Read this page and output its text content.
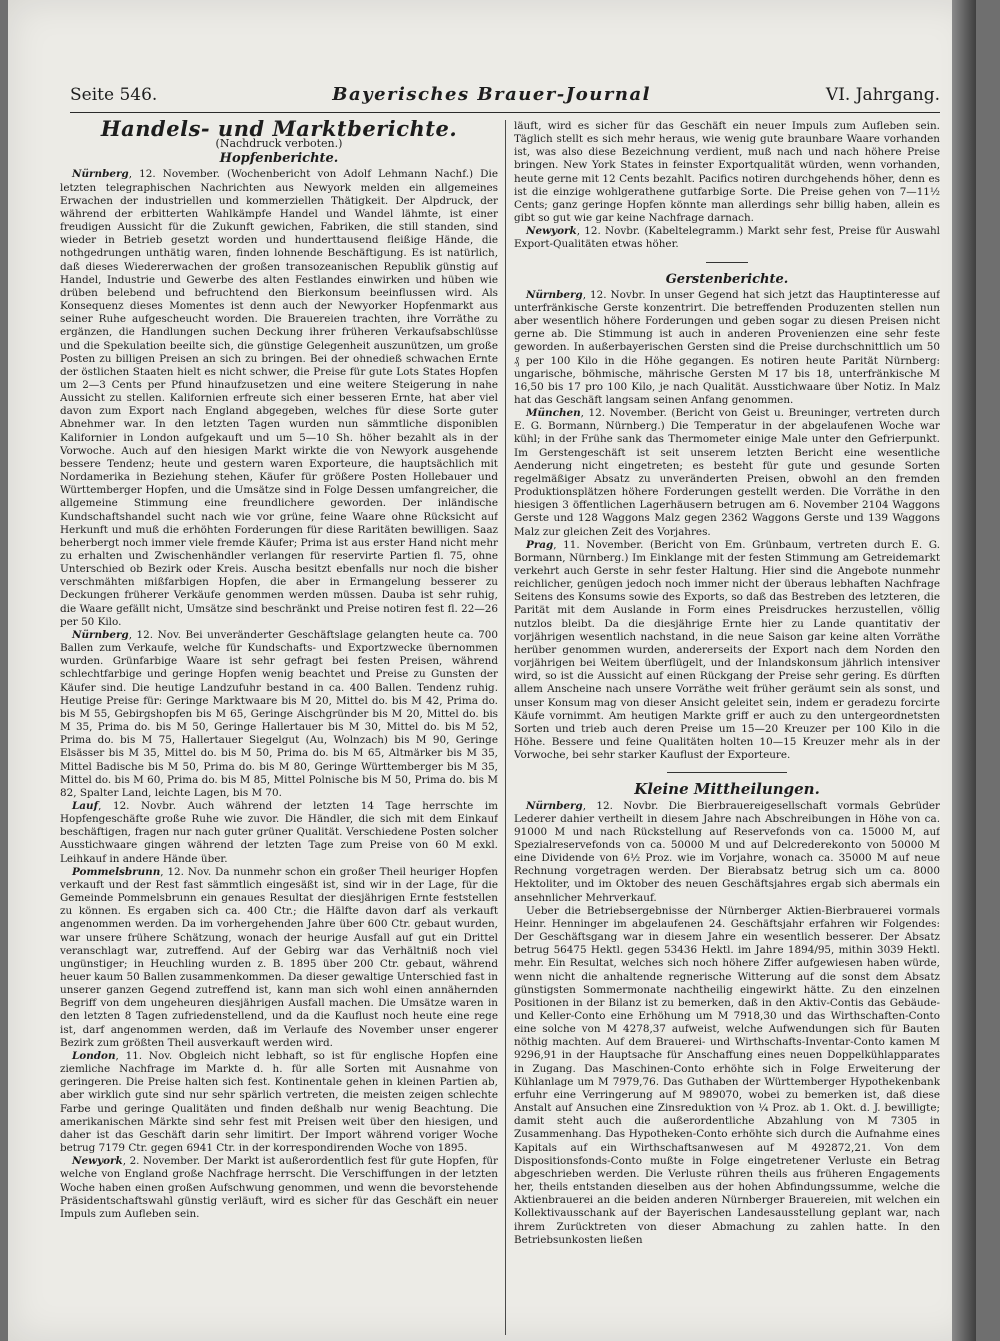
Seite 546.	Bayerisches Brauer-Journal	VI. Jahrgang.
Handels- und Marktberichte.
(Nachdruck verboten.)
Hopfenberichte.

Nürnberg, 12. November. (Wochenbericht von Adolf Lehmann Nachf.) Die letzten telegraphischen Nachrichten aus Newyork melden ein allgemeines Erwachen der industriellen und kommerziellen Thätigkeit. Der Alpdruck, der während der erbitterten Wahlkämpfe Handel und Wandel lähmte, ist einer freudigen Aussicht für die Zukunft gewichen, Fabriken, die still standen, sind wieder in Betrieb gesetzt worden und hunderttausend fleißige Hände, die nothgedrungen unthätig waren, finden lohnende Beschäftigung. Es ist natürlich, daß dieses Wiedererwachen der großen transozeanischen Republik günstig auf Handel, Industrie und Gewerbe des alten Festlandes einwirken und hüben wie drüben belebend und befruchtend den Bierkonsum beeinflussen wird. Als Konsequenz dieses Momentes ist denn auch der Newyorker Hopfenmarkt aus seiner Ruhe aufgescheucht worden. Die Brauereien trachten, ihre Vorräthe zu ergänzen, die Handlungen suchen Deckung ihrer früheren Verkaufsabschlüsse und die Spekulation beeilte sich, die günstige Gelegenheit auszunützen, um große Posten zu billigen Preisen an sich zu bringen. Bei der ohnedieß schwachen Ernte der östlichen Staaten hielt es nicht schwer, die Preise für gute Lots States Hopfen um 2—3 Cents per Pfund hinaufzusetzen und eine weitere Steigerung in nahe Aussicht zu stellen. Kalifornien erfreute sich einer besseren Ernte, hat aber viel davon zum Export nach England abgegeben, welches für diese Sorte guter Abnehmer war. In den letzten Tagen wurden nun sämmtliche disponiblen Kalifornier in London aufgekauft und um 5—10 Sh. höher bezahlt als in der Vorwoche. Auch auf den hiesigen Markt wirkte die von Newyork ausgehende bessere Tendenz; heute und gestern waren Exporteure, die hauptsächlich mit Nordamerika in Beziehung stehen, Käufer für größere Posten Hollebauer und Württemberger Hopfen, und die Umsätze sind in Folge Dessen umfangreicher, die allgemeine Stimmung eine freundlichere geworden. Der inländische Kundschaftshandel sucht nach wie vor grüne, feine Waare ohne Rücksicht auf Herkunft und muß die erhöhten Forderungen für diese Raritäten bewilligen. Saaz beherbergt noch immer viele fremde Käufer; Prima ist aus erster Hand nicht mehr zu erhalten und Zwischenhändler verlangen für reservirte Partien fl. 75, ohne Unterschied ob Bezirk oder Kreis. Auscha besitzt ebenfalls nur noch die bisher verschmähten mißfarbigen Hopfen, die aber in Ermangelung besserer zu Deckungen früherer Verkäufe genommen werden müssen. Dauba ist sehr ruhig, die Waare gefällt nicht, Umsätze sind beschränkt und Preise notiren fest fl. 22—26 per 50 Kilo.

Nürnberg, 12. Nov. Bei unveränderter Geschäftslage gelangten heute ca. 700 Ballen zum Verkaufe, welche für Kundschafts- und Exportzwecke übernommen wurden. Grünfarbige Waare ist sehr gefragt bei festen Preisen, während schlechtfarbige und geringe Hopfen wenig beachtet und Preise zu Gunsten der Käufer sind. Die heutige Landzufuhr bestand in ca. 400 Ballen. Tendenz ruhig. Heutige Preise für: Geringe Marktwaare bis M 20, Mittel do. bis M 42, Prima do. bis M 55, Gebirgshopfen bis M 65, Geringe Aischgründer bis M 20, Mittel do. bis M 35, Prima do. bis M 50, Geringe Hallertauer bis M 30, Mittel do. bis M 52, Prima do. bis M 75, Hallertauer Siegelgut (Au, Wolnzach) bis M 90, Geringe Elsässer bis M 35, Mittel do. bis M 50, Prima do. bis M 65, Altmärker bis M 35, Mittel Badische bis M 50, Prima do. bis M 80, Geringe Württemberger bis M 35, Mittel do. bis M 60, Prima do. bis M 85, Mittel Polnische bis M 50, Prima do. bis M 82, Spalter Land, leichte Lagen, bis M 70.

Lauf, 12. Novbr. Auch während der letzten 14 Tage herrschte im Hopfengeschäfte große Ruhe wie zuvor. Die Händler, die sich mit dem Einkauf beschäftigen, fragen nur nach guter grüner Qualität. Verschiedene Posten solcher Ausstichwaare gingen während der letzten Tage zum Preise von 60 M exkl. Leihkauf in andere Hände über.

Pommelsbrunn, 12. Nov. Da nunmehr schon ein großer Theil heuriger Hopfen verkauft und der Rest fast sämmtlich eingesäßt ist, sind wir in der Lage, für die Gemeinde Pommelsbrunn ein genaues Resultat der diesjährigen Ernte feststellen zu können. Es ergaben sich ca. 400 Ctr.; die Hälfte davon darf als verkauft angenommen werden. Da im vorhergehenden Jahre über 600 Ctr. gebaut wurden, war unsere frühere Schätzung, wonach der heurige Ausfall auf gut ein Drittel veranschlagt war, zutreffend. Auf der Gebirg war das Verhältniß noch viel ungünstiger; in Heuchling wurden z. B. 1895 über 200 Ctr. gebaut, während heuer kaum 50 Ballen zusammenkommen. Da dieser gewaltige Unterschied fast in unserer ganzen Gegend zutreffend ist, kann man sich wohl einen annähernden Begriff von dem ungeheuren diesjährigen Ausfall machen. Die Umsätze waren in den letzten 8 Tagen zufriedenstellend, und da die Kauflust noch heute eine rege ist, darf angenommen werden, daß im Verlaufe des November unser engerer Bezirk zum größten Theil ausverkauft werden wird.

London, 11. Nov. Obgleich nicht lebhaft, so ist für englische Hopfen eine ziemliche Nachfrage im Markte d. h. für alle Sorten mit Ausnahme von geringeren. Die Preise halten sich fest. Kontinentale gehen in kleinen Partien ab, aber wirklich gute sind nur sehr spärlich vertreten, die meisten zeigen schlechte Farbe und geringe Qualitäten und finden deßhalb nur wenig Beachtung. Die amerikanischen Märkte sind sehr fest mit Preisen weit über den hiesigen, und daher ist das Geschäft darin sehr limitirt. Der Import während voriger Woche betrug 7179 Ctr. gegen 6941 Ctr. in der korrespondirenden Woche von 1895.

Newyork, 2. November. Der Markt ist außerordentlich fest für gute Hopfen, für welche von England große Nachfrage herrscht. Die Verschiffungen in der letzten Woche haben einen großen Aufschwung genommen, und wenn die bevorstehende Präsidentschaftswahl günstig verläuft, wird es sicher für das Geschäft ein neuer Impuls zum Aufleben sein.

läuft, wird es sicher für das Geschäft ein neuer Impuls zum Aufleben sein. Täglich stellt es sich mehr heraus, wie wenig gute braunbare Waare vorhanden ist, was also diese Bezeichnung verdient, muß nach und nach höhere Preise bringen. New York States in feinster Exportqualität würden, wenn vorhanden, heute gerne mit 12 Cents bezahlt. Pacifics notiren durchgehends höher, denn es ist die einzige wohlgerathene gutfarbige Sorte. Die Preise gehen von 7—11½ Cents; ganz geringe Hopfen könnte man allerdings sehr billig haben, allein es gibt so gut wie gar keine Nachfrage darnach.

Newyork, 12. Novbr. (Kabeltelegramm.) Markt sehr fest, Preise für Auswahl Export-Qualitäten etwas höher.

Gerstenberichte.

Nürnberg, 12. Novbr. In unser Gegend hat sich jetzt das Hauptinteresse auf unterfränkische Gerste konzentrirt. Die betreffenden Produzenten stellen nun aber wesentlich höhere Forderungen und geben sogar zu diesen Preisen nicht gerne ab. Die Stimmung ist auch in anderen Provenienzen eine sehr feste geworden. In außerbayerischen Gersten sind die Preise durchschnittlich um 50 ₰ per 100 Kilo in die Höhe gegangen. Es notiren heute Parität Nürnberg: ungarische, böhmische, mährische Gersten M 17 bis 18, unterfränkische M 16,50 bis 17 pro 100 Kilo, je nach Qualität. Ausstichwaare über Notiz. In Malz hat das Geschäft langsam seinen Anfang genommen.

München, 12. November. (Bericht von Geist u. Breuninger, vertreten durch E. G. Bormann, Nürnberg.) Die Temperatur in der abgelaufenen Woche war kühl; in der Frühe sank das Thermometer einige Male unter den Gefrierpunkt. Im Gerstengeschäft ist seit unserem letzten Bericht eine wesentliche Aenderung nicht eingetreten; es besteht für gute und gesunde Sorten regelmäßiger Absatz zu unveränderten Preisen, obwohl an den fremden Produktionsplätzen höhere Forderungen gestellt werden. Die Vorräthe in den hiesigen 3 öffentlichen Lagerhäusern betrugen am 6. November 2104 Waggons Gerste und 128 Waggons Malz gegen 2362 Waggons Gerste und 139 Waggons Malz zur gleichen Zeit des Vorjahres.

Prag, 11. November. (Bericht von Em. Grünbaum, vertreten durch E. G. Bormann, Nürnberg.) Im Einklange mit der festen Stimmung am Getreidemarkt verkehrt auch Gerste in sehr fester Haltung. Hier sind die Angebote nunmehr reichlicher, genügen jedoch noch immer nicht der überaus lebhaften Nachfrage Seitens des Konsums sowie des Exports, so daß das Bestreben des letzteren, die Parität mit dem Auslande in Form eines Preisdruckes herzustellen, völlig nutzlos bleibt. Da die diesjährige Ernte hier zu Lande quantitativ der vorjährigen wesentlich nachstand, in die neue Saison gar keine alten Vorräthe herüber genommen wurden, andererseits der Export nach dem Norden den vorjährigen bei Weitem überflügelt, und der Inlandskonsum jährlich intensiver wird, so ist die Aussicht auf einen Rückgang der Preise sehr gering. Es dürften allem Anscheine nach unsere Vorräthe weit früher geräumt sein als sonst, und unser Konsum mag von dieser Ansicht geleitet sein, indem er geradezu forcirte Käufe vornimmt. Am heutigen Markte griff er auch zu den untergeordnetsten Sorten und trieb auch deren Preise um 15—20 Kreuzer per 100 Kilo in die Höhe. Bessere und feine Qualitäten holten 10—15 Kreuzer mehr als in der Vorwoche, bei sehr starker Kauflust der Exporteure.

Kleine Mittheilungen.

Nürnberg, 12. Novbr. Die Bierbrauereigesellschaft vormals Gebrüder Lederer dahier vertheilt in diesem Jahre nach Abschreibungen in Höhe von ca. 91000 M und nach Rückstellung auf Reservefonds von ca. 15000 M, auf Spezialreservefonds von ca. 50000 M und auf Delcrederekonto von 50000 M eine Dividende von 6½ Proz. wie im Vorjahre, wonach ca. 35000 M auf neue Rechnung vorgetragen werden. Der Bierabsatz betrug sich um ca. 8000 Hektoliter, und im Oktober des neuen Geschäftsjahres ergab sich abermals ein ansehnlicher Mehrverkauf.

Ueber die Betriebsergebnisse der Nürnberger Aktien-Bierbrauerei vormals Heinr. Henninger im abgelaufenen 24. Geschäftsjahr erfahren wir Folgendes: Der Geschäftsgang war in diesem Jahre ein wesentlich besserer. Der Absatz betrug 56475 Hektl. gegen 53436 Hektl. im Jahre 1894/95, mithin 3039 Hektl. mehr. Ein Resultat, welches sich noch höhere Ziffer aufgewiesen haben würde, wenn nicht die anhaltende regnerische Witterung auf die sonst dem Absatz günstigsten Sommermonate nachtheilig eingewirkt hätte. Zu den einzelnen Positionen in der Bilanz ist zu bemerken, daß in den Aktiv-Contis das Gebäude- und Keller-Conto eine Erhöhung um M 7918,30 und das Wirthschaften-Conto eine solche von M 4278,37 aufweist, welche Aufwendungen sich für Bauten nöthig machten. Auf dem Brauerei- und Wirthschafts-Inventar-Conto kamen M 9296,91 in der Hauptsache für Anschaffung eines neuen Doppelkühlapparates in Zugang. Das Maschinen-Conto erhöhte sich in Folge Erweiterung der Kühlanlage um M 7979,76. Das Guthaben der Württemberger Hypothekenbank erfuhr eine Verringerung auf M 989070, wobei zu bemerken ist, daß diese Anstalt auf Ansuchen eine Zinsreduktion von ¼ Proz. ab 1. Okt. d. J. bewilligte; damit steht auch die außerordentliche Abzahlung von M 7305 in Zusammenhang. Das Hypotheken-Conto erhöhte sich durch die Aufnahme eines Kapitals auf ein Wirthschaftsanwesen auf M 492872,21. Von dem Dispositionsfonds-Conto mußte in Folge eingetretener Verluste ein Betrag abgeschrieben werden. Die Verluste rühren theils aus früheren Engagements her, theils entstanden dieselben aus der hohen Abfindungssumme, welche die Aktienbrauerei an die beiden anderen Nürnberger Brauereien, mit welchen ein Kollektivausschank auf der Bayerischen Landesausstellung geplant war, nach ihrem Zurücktreten von dieser Abmachung zu zahlen hatte. In den Betriebsunkosten ließen
